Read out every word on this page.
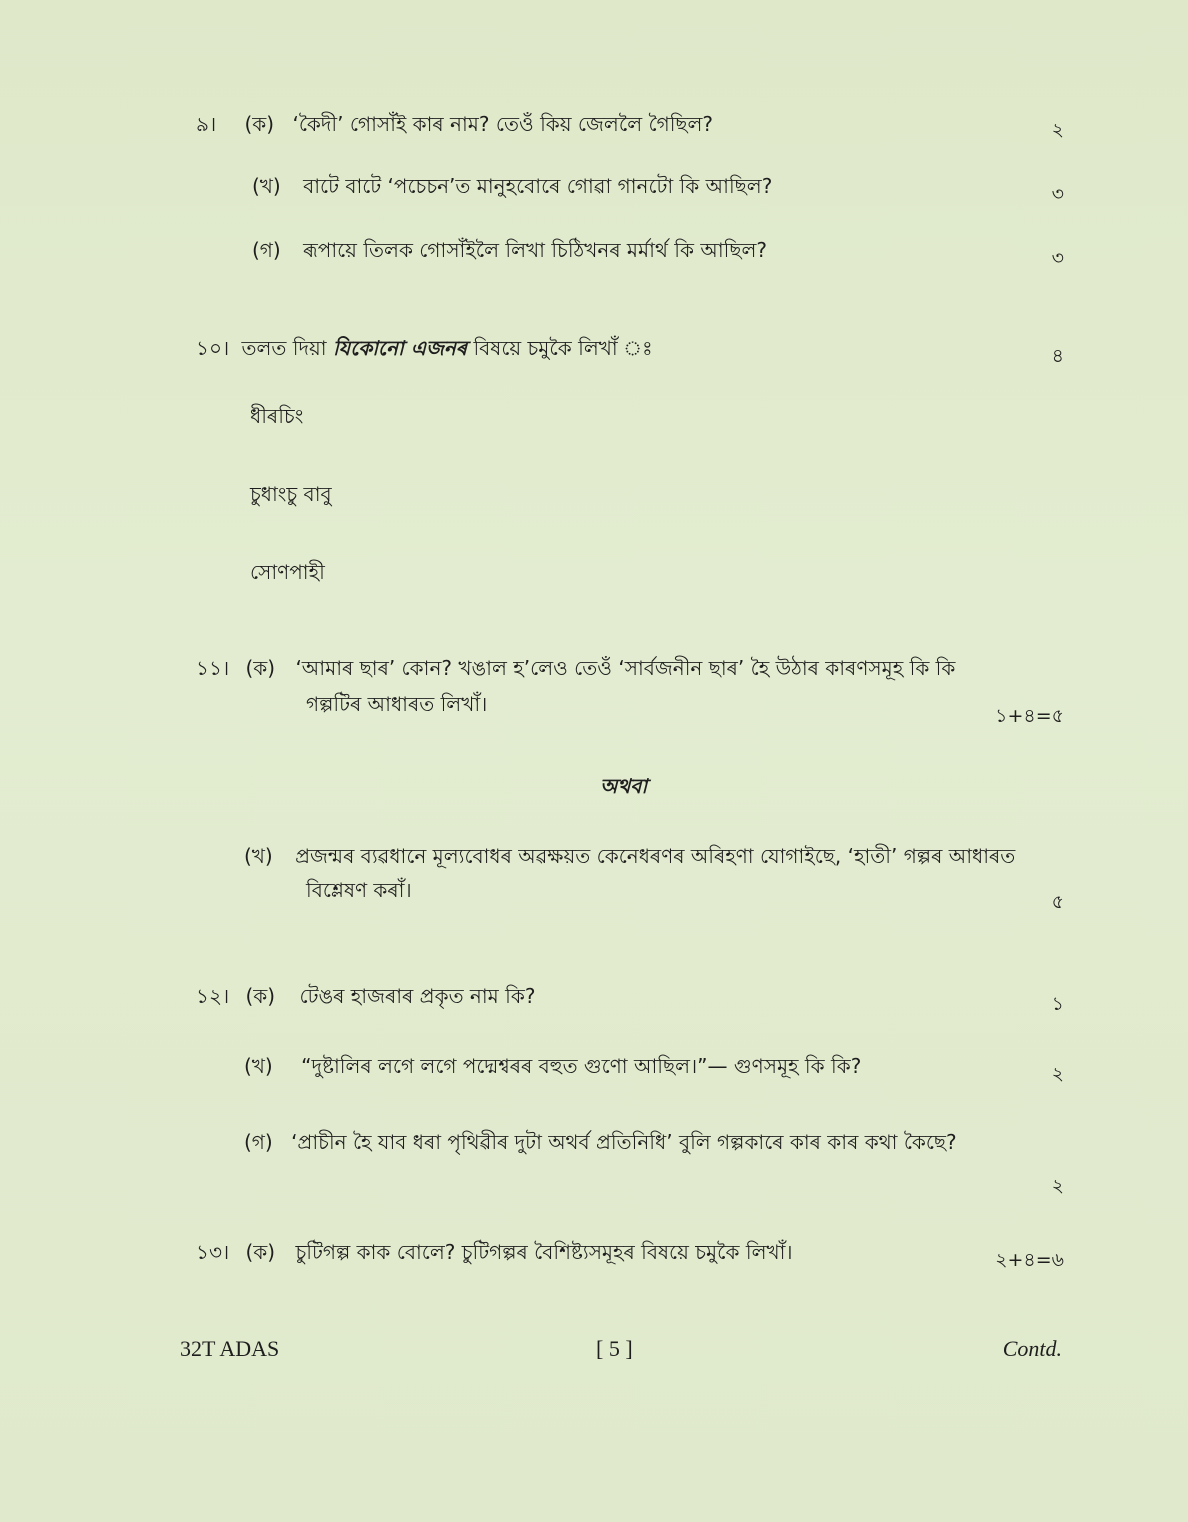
৯। (ক) ‘কৈদী’ গোসাঁই কাৰ নাম? তেওঁ কিয় জেললৈ গৈছিল?	২
(খ) বাটে বাটে ‘পচেচন’ত মানুহবোৰে গোৱা গানটো কি আছিল?	৩
(গ) ৰূপায়ে তিলক গোসাঁইলৈ লিখা চিঠিখনৰ মৰ্মাৰ্থ কি আছিল?	৩
১০। তলত দিয়া যিকোনো এজনৰ বিষয়ে চমুকৈ লিখাঁ ঃ	৪
ধীৰচিং
চুধাংচু বাবু
সোণপাহী
১১। (ক) ‘আমাৰ ছাৰ’ কোন? খঙাল হ’লেও তেওঁ ‘সাৰ্বজনীন ছাৰ’ হৈ উঠাৰ কাৰণসমূহ কি কি
গল্পটিৰ আধাৰত লিখাঁ।	১+৪=৫
অথবা
(খ) প্ৰজন্মৰ ব্যৱধানে মূল্যবোধৰ অৱক্ষয়ত কেনেধৰণৰ অৰিহণা যোগাইছে, ‘হাতী’ গল্পৰ আধাৰত
বিশ্লেষণ কৰাঁ।	৫
১২। (ক) টেঙৰ হাজৰাৰ প্ৰকৃত নাম কি?	১
(খ) “দুষ্টালিৰ লগে লগে পদ্মেশ্বৰৰ বহুত গুণো আছিল।”— গুণসমূহ কি কি?	২
(গ) ‘প্ৰাচীন হৈ যাব ধৰা পৃথিৱীৰ দুটা অথৰ্ব প্ৰতিনিধি’ বুলি গল্পকাৰে কাৰ কাৰ কথা কৈছে?
২
১৩। (ক) চুটিগল্প কাক বোলে? চুটিগল্পৰ বৈশিষ্ট্যসমূহৰ বিষয়ে চমুকৈ লিখাঁ।	২+৪=৬
32T ADAS	[ 5 ]	Contd.
